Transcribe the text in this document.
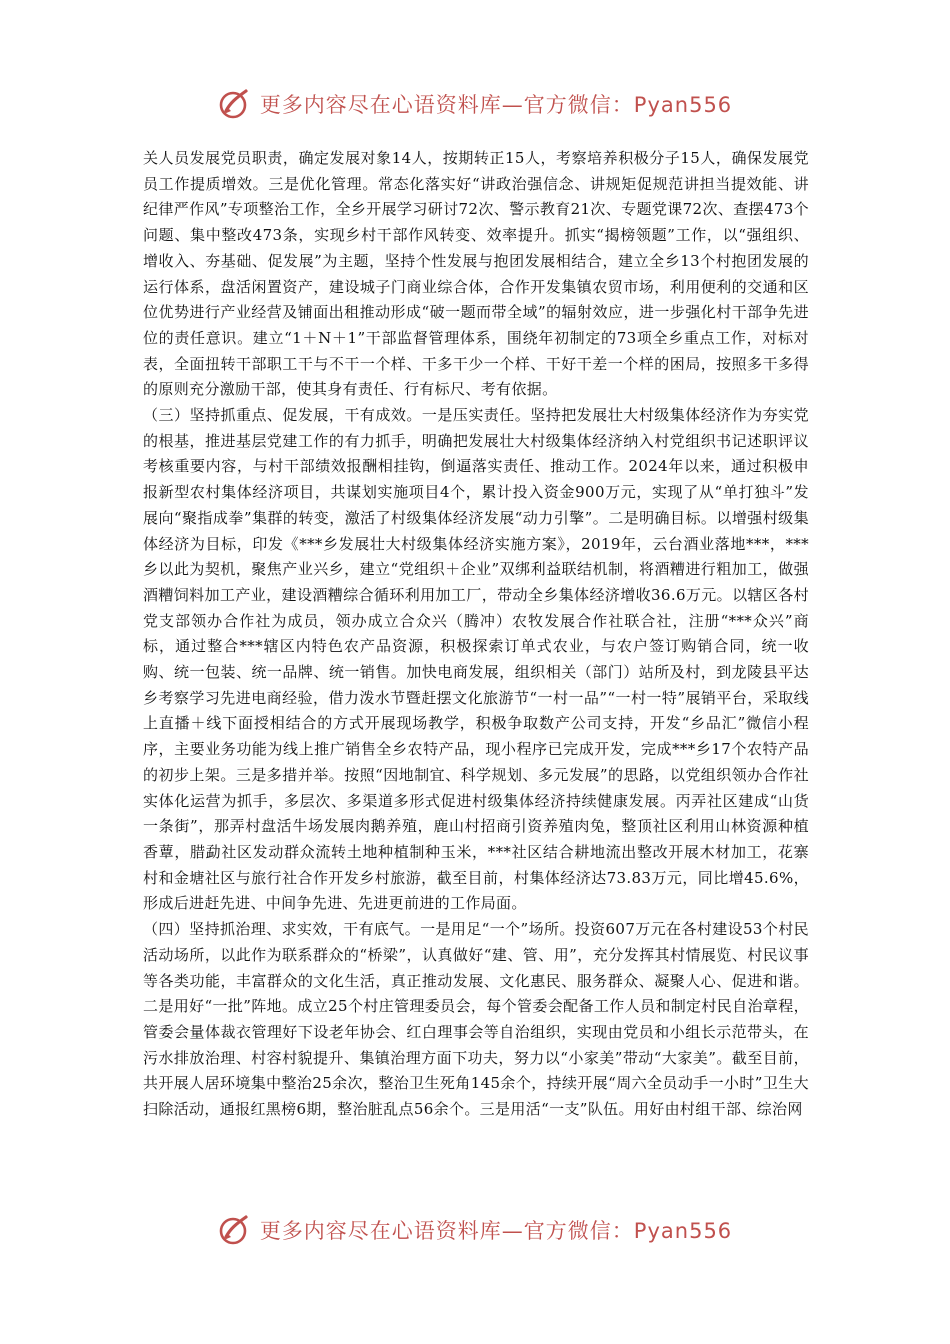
更多内容尽在心语资料库—官方微信：Pyan556

关人员发展党员职责，确定发展对象14人，按期转正15人，考察培养积极分子15人，确保发展党员工作提质增效。三是优化管理。常态化落实好“讲政治强信念、讲规矩促规范讲担当提效能、讲纪律严作风”专项整治工作，全乡开展学习研讨72次、警示教育21次、专题党课72次、查摆473个问题、集中整改473条，实现乡村干部作风转变、效率提升。抓实“揭榜领题”工作，以“强组织、增收入、夯基础、促发展”为主题，坚持个性发展与抱团发展相结合，建立全乡13个村抱团发展的运行体系，盘活闲置资产，建设城子门商业综合体，合作开发集镇农贸市场，利用便利的交通和区位优势进行产业经营及铺面出租推动形成“破一题而带全域”的辐射效应，进一步强化村干部争先进位的责任意识。建立“1＋N＋1”干部监督管理体系，围绕年初制定的73项全乡重点工作，对标对表，全面扭转干部职工干与不干一个样、干多干少一个样、干好干差一个样的困局，按照多干多得的原则充分激励干部，使其身有责任、行有标尺、考有依据。

（三）坚持抓重点、促发展，干有成效。一是压实责任。坚持把发展壮大村级集体经济作为夯实党的根基，推进基层党建工作的有力抓手，明确把发展壮大村级集体经济纳入村党组织书记述职评议考核重要内容，与村干部绩效报酬相挂钩，倒逼落实责任、推动工作。2024年以来，通过积极申报新型农村集体经济项目，共谋划实施项目4个，累计投入资金900万元，实现了从“单打独斗”发展向“聚指成拳”集群的转变，激活了村级集体经济发展“动力引擎”。二是明确目标。以增强村级集体经济为目标，印发《***乡发展壮大村级集体经济实施方案》，2019年，云台酒业落地***，***乡以此为契机，聚焦产业兴乡，建立“党组织＋企业”双绑利益联结机制，将酒糟进行粗加工，做强酒糟饲料加工产业，建设酒糟综合循环利用加工厂，带动全乡集体经济增收36.6万元。以辖区各村党支部领办合作社为成员，领办成立合众兴（腾冲）农牧发展合作社联合社，注册“***众兴”商标，通过整合***辖区内特色农产品资源，积极探索订单式农业，与农户签订购销合同，统一收购、统一包装、统一品牌、统一销售。加快电商发展，组织相关（部门）站所及村，到龙陵县平达乡考察学习先进电商经验，借力泼水节暨赶摆文化旅游节“一村一品”“一村一特”展销平台，采取线上直播＋线下面授相结合的方式开展现场教学，积极争取数产公司支持，开发“乡品汇”微信小程序，主要业务功能为线上推广销售全乡农特产品，现小程序已完成开发，完成***乡17个农特产品的初步上架。三是多措并举。按照“因地制宜、科学规划、多元发展”的思路，以党组织领办合作社实体化运营为抓手，多层次、多渠道多形式促进村级集体经济持续健康发展。丙弄社区建成“山货一条街”，那弄村盘活牛场发展肉鹅养殖，鹿山村招商引资养殖肉兔，整顶社区利用山林资源种植香蕈，腊勐社区发动群众流转土地种植制种玉米，***社区结合耕地流出整改开展木材加工，花寨村和金塘社区与旅行社合作开发乡村旅游，截至目前，村集体经济达73.83万元，同比增45.6%，形成后进赶先进、中间争先进、先进更前进的工作局面。

（四）坚持抓治理、求实效，干有底气。一是用足“一个”场所。投资607万元在各村建设53个村民活动场所，以此作为联系群众的“桥梁”，认真做好“建、管、用”，充分发挥其村情展览、村民议事等各类功能，丰富群众的文化生活，真正推动发展、文化惠民、服务群众、凝聚人心、促进和谐。二是用好“一批”阵地。成立25个村庄管理委员会，每个管委会配备工作人员和制定村民自治章程，管委会量体裁衣管理好下设老年协会、红白理事会等自治组织，实现由党员和小组长示范带头，在污水排放治理、村容村貌提升、集镇治理方面下功夫，努力以“小家美”带动“大家美”。截至目前，共开展人居环境集中整治25余次，整治卫生死角145余个，持续开展“周六全员动手一小时”卫生大扫除活动，通报红黑榜6期，整治脏乱点56余个。三是用活“一支”队伍。用好由村组干部、综治网

更多内容尽在心语资料库—官方微信：Pyan556
